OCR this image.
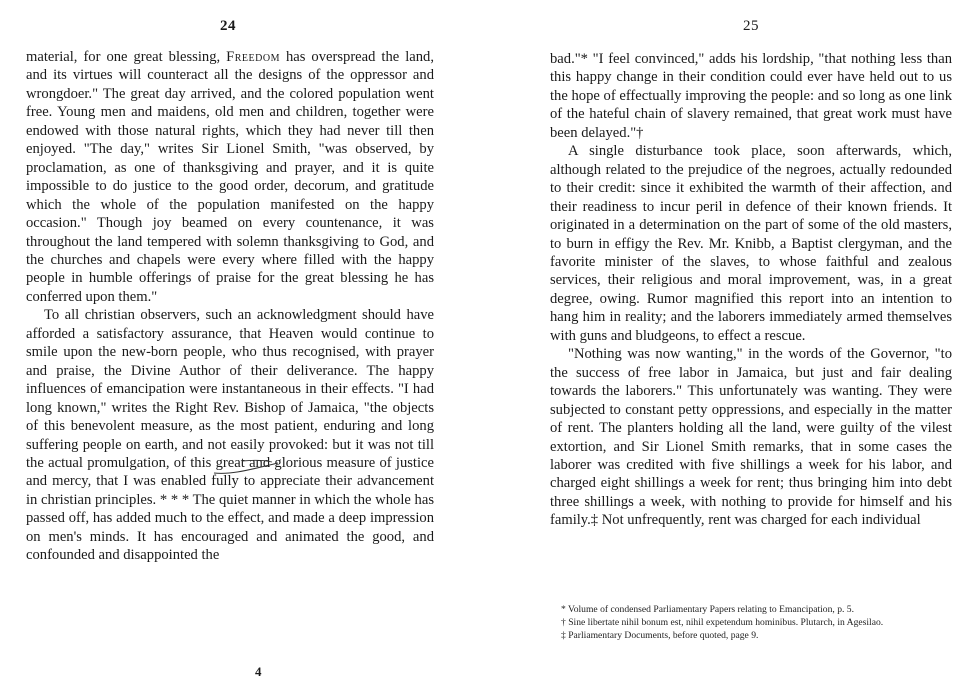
24

material, for one great blessing, Freedom has overspread the land, and its virtues will counteract all the designs of the oppressor and wrongdoer." The great day arrived, and the colored population went free. Young men and maidens, old men and children, together were endowed with those natural rights, which they had never till then enjoyed. "The day," writes Sir Lionel Smith, "was observed, by proclamation, as one of thanksgiving and prayer, and it is quite impossible to do justice to the good order, decorum, and gratitude which the whole of the population manifested on the happy occasion." Though joy beamed on every countenance, it was throughout the land tempered with solemn thanksgiving to God, and the churches and chapels were every where filled with the happy people in humble offerings of praise for the great blessing he has conferred upon them."

To all christian observers, such an acknowledgment should have afforded a satisfactory assurance, that Heaven would continue to smile upon the new-born people, who thus recognised, with prayer and praise, the Divine Author of their deliverance. The happy influences of emancipation were instantaneous in their effects. "I had long known," writes the Right Rev. Bishop of Jamaica, "the objects of this benevolent measure, as the most patient, enduring and long suffering people on earth, and not easily provoked: but it was not till the actual promulgation, of this great and glorious measure of justice and mercy, that I was enabled fully to appreciate their advancement in christian principles. * * * The quiet manner in which the whole has passed off, has added much to the effect, and made a deep impression on men's minds. It has encouraged and animated the good, and confounded and disappointed the

25

bad."* "I feel convinced," adds his lordship, "that nothing less than this happy change in their condition could ever have held out to us the hope of effectually improving the people: and so long as one link of the hateful chain of slavery remained, that great work must have been delayed."†

A single disturbance took place, soon afterwards, which, although related to the prejudice of the negroes, actually redounded to their credit: since it exhibited the warmth of their affection, and their readiness to incur peril in defence of their known friends. It originated in a determination on the part of some of the old masters, to burn in effigy the Rev. Mr. Knibb, a Baptist clergyman, and the favorite minister of the slaves, to whose faithful and zealous services, their religious and moral improvement, was, in a great degree, owing. Rumor magnified this report into an intention to hang him in reality; and the laborers immediately armed themselves with guns and bludgeons, to effect a rescue.

"Nothing was now wanting," in the words of the Governor, "to the success of free labor in Jamaica, but just and fair dealing towards the laborers." This unfortunately was wanting. They were subjected to constant petty oppressions, and especially in the matter of rent. The planters holding all the land, were guilty of the vilest extortion, and Sir Lionel Smith remarks, that in some cases the laborer was credited with five shillings a week for his labor, and charged eight shillings a week for rent; thus bringing him into debt three shillings a week, with nothing to provide for himself and his family.‡ Not unfrequently, rent was charged for each individual

* Volume of condensed Parliamentary Papers relating to Emancipation, p. 5.
† Sine libertate nihil bonum est, nihil expetendum hominibus. Plutarch, in Agesilao.
‡ Parliamentary Documents, before quoted, page 9.
4
